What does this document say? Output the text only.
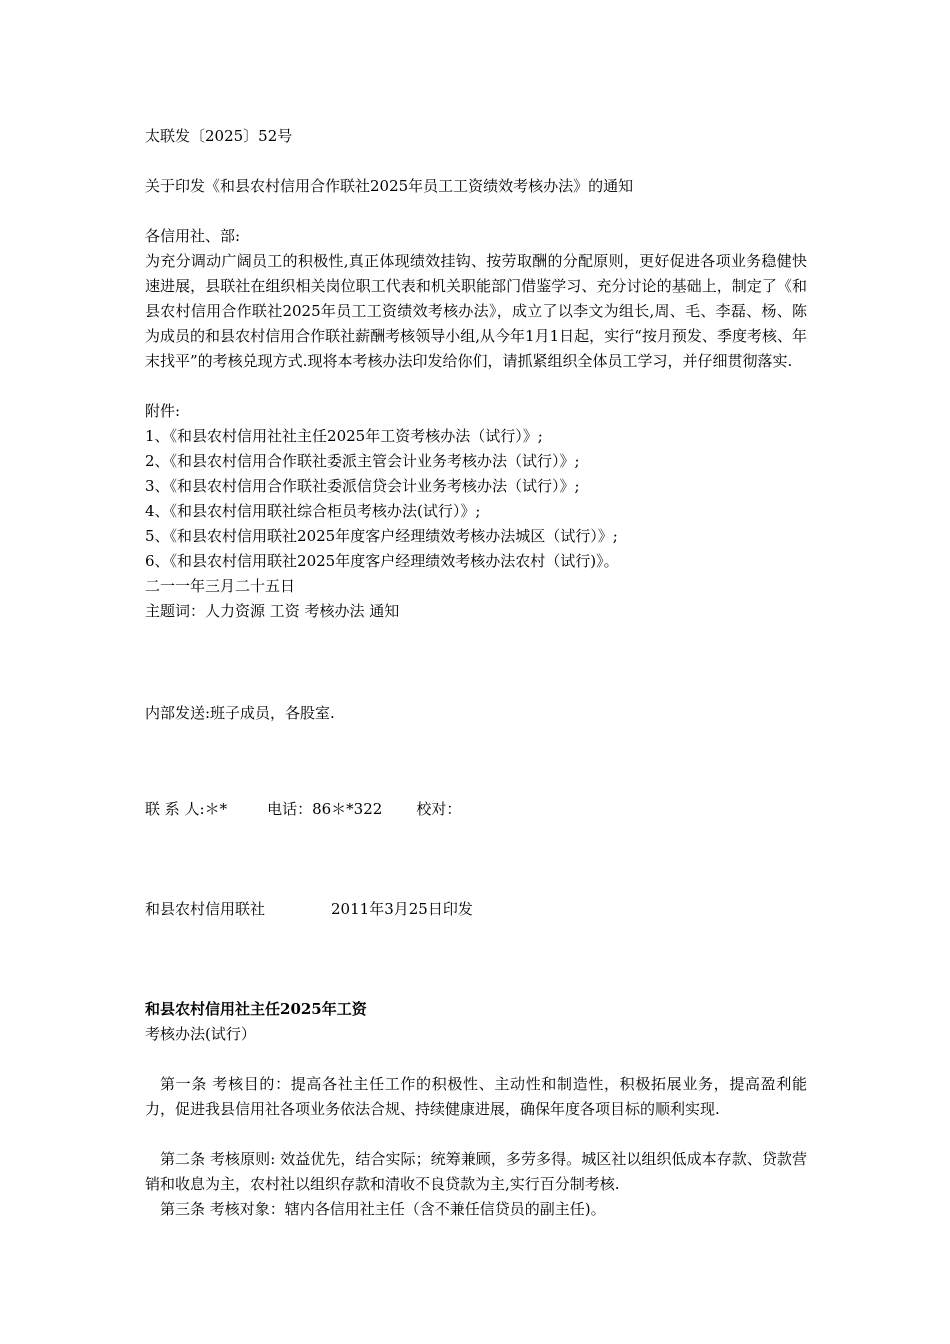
太联发〔2025〕52号
关于印发《和县农村信用合作联社2025年员工工资绩效考核办法》的通知
各信用社、部:
为充分调动广阔员工的积极性,真正体现绩效挂钩、按劳取酬的分配原则，更好促进各项业务稳健快速进展，县联社在组织相关岗位职工代表和机关职能部门借鉴学习、充分讨论的基础上，制定了《和县农村信用合作联社2025年员工工资绩效考核办法》，成立了以李文为组长,周、毛、李磊、杨、陈为成员的和县农村信用合作联社薪酬考核领导小组,从今年1月1日起，实行“按月预发、季度考核、年末找平”的考核兑现方式.现将本考核办法印发给你们，请抓紧组织全体员工学习，并仔细贯彻落实.
附件:
1、《和县农村信用社社主任2025年工资考核办法（试行）》;
2、《和县农村信用合作联社委派主管会计业务考核办法（试行）》;
3、《和县农村信用合作联社委派信贷会计业务考核办法（试行）》;
4、《和县农村信用联社综合柜员考核办法(试行）》;
5、《和县农村信用联社2025年度客户经理绩效考核办法城区（试行）》;
6、《和县农村信用联社2025年度客户经理绩效考核办法农村（试行)》。
二一一年三月二十五日
主题词：人力资源 工资 考核办法 通知
内部发送:班子成员，各股室.
联 系 人:＊*	电话：86＊*322 校对：
和县农村信用联社	2011年3月25日印发
和县农村信用社主任2025年工资
考核办法(试行）
第一条 考核目的：提高各社主任工作的积极性、主动性和制造性，积极拓展业务，提高盈利能力，促进我县信用社各项业务依法合规、持续健康进展，确保年度各项目标的顺利实现.
第二条 考核原则: 效益优先，结合实际；统筹兼顾，多劳多得。城区社以组织低成本存款、贷款营销和收息为主，农村社以组织存款和清收不良贷款为主,实行百分制考核.
第三条 考核对象：辖内各信用社主任（含不兼任信贷员的副主任)。
